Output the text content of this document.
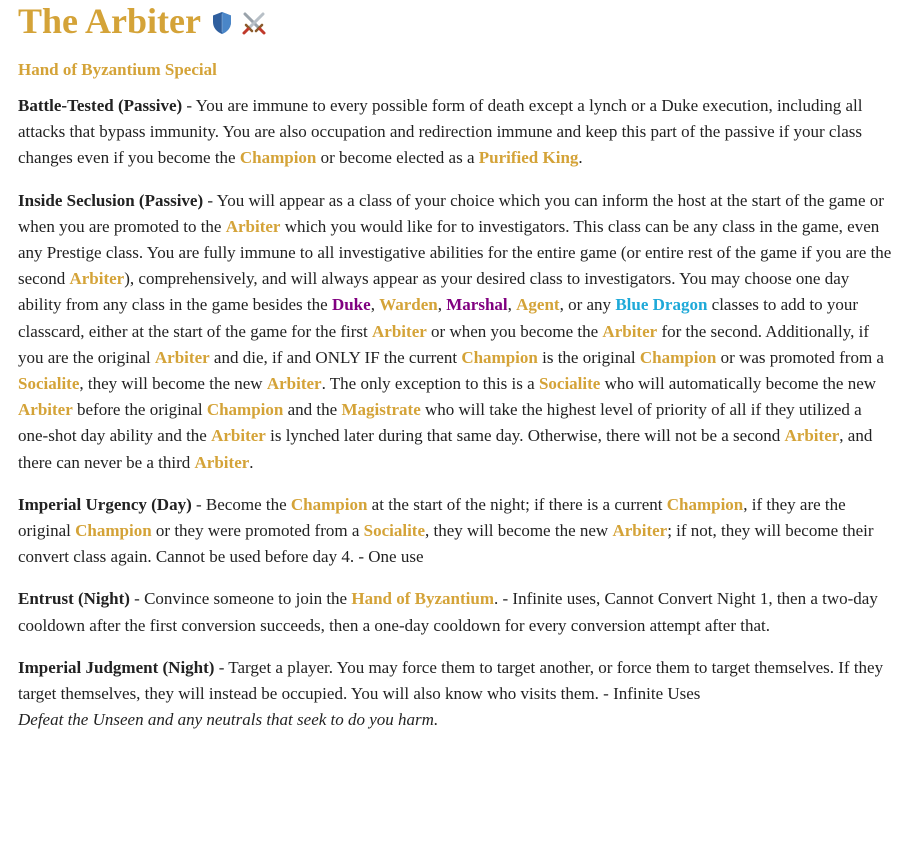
The Arbiter

Hand of Byzantium Special

Battle-Tested (Passive) - You are immune to every possible form of death except a lynch or a Duke execution, including all attacks that bypass immunity. You are also occupation and redirection immune and keep this part of the passive if your class changes even if you become the Champion or become elected as a Purified King.

Inside Seclusion (Passive) - You will appear as a class of your choice which you can inform the host at the start of the game or when you are promoted to the Arbiter which you would like for to investigators. This class can be any class in the game, even any Prestige class. You are fully immune to all investigative abilities for the entire game (or entire rest of the game if you are the second Arbiter), comprehensively, and will always appear as your desired class to investigators. You may choose one day ability from any class in the game besides the Duke, Warden, Marshal, Agent, or any Blue Dragon classes to add to your classcard, either at the start of the game for the first Arbiter or when you become the Arbiter for the second. Additionally, if you are the original Arbiter and die, if and ONLY IF the current Champion is the original Champion or was promoted from a Socialite, they will become the new Arbiter. The only exception to this is a Socialite who will automatically become the new Arbiter before the original Champion and the Magistrate who will take the highest level of priority of all if they utilized a one-shot day ability and the Arbiter is lynched later during that same day. Otherwise, there will not be a second Arbiter, and there can never be a third Arbiter.

Imperial Urgency (Day) - Become the Champion at the start of the night; if there is a current Champion, if they are the original Champion or they were promoted from a Socialite, they will become the new Arbiter; if not, they will become their convert class again. Cannot be used before day 4. - One use

Entrust (Night) - Convince someone to join the Hand of Byzantium. - Infinite uses, Cannot Convert Night 1, then a two-day cooldown after the first conversion succeeds, then a one-day cooldown for every conversion attempt after that.

Imperial Judgment (Night) - Target a player. You may force them to target another, or force them to target themselves. If they target themselves, they will instead be occupied. You will also know who visits them. - Infinite Uses

Defeat the Unseen and any neutrals that seek to do you harm.
